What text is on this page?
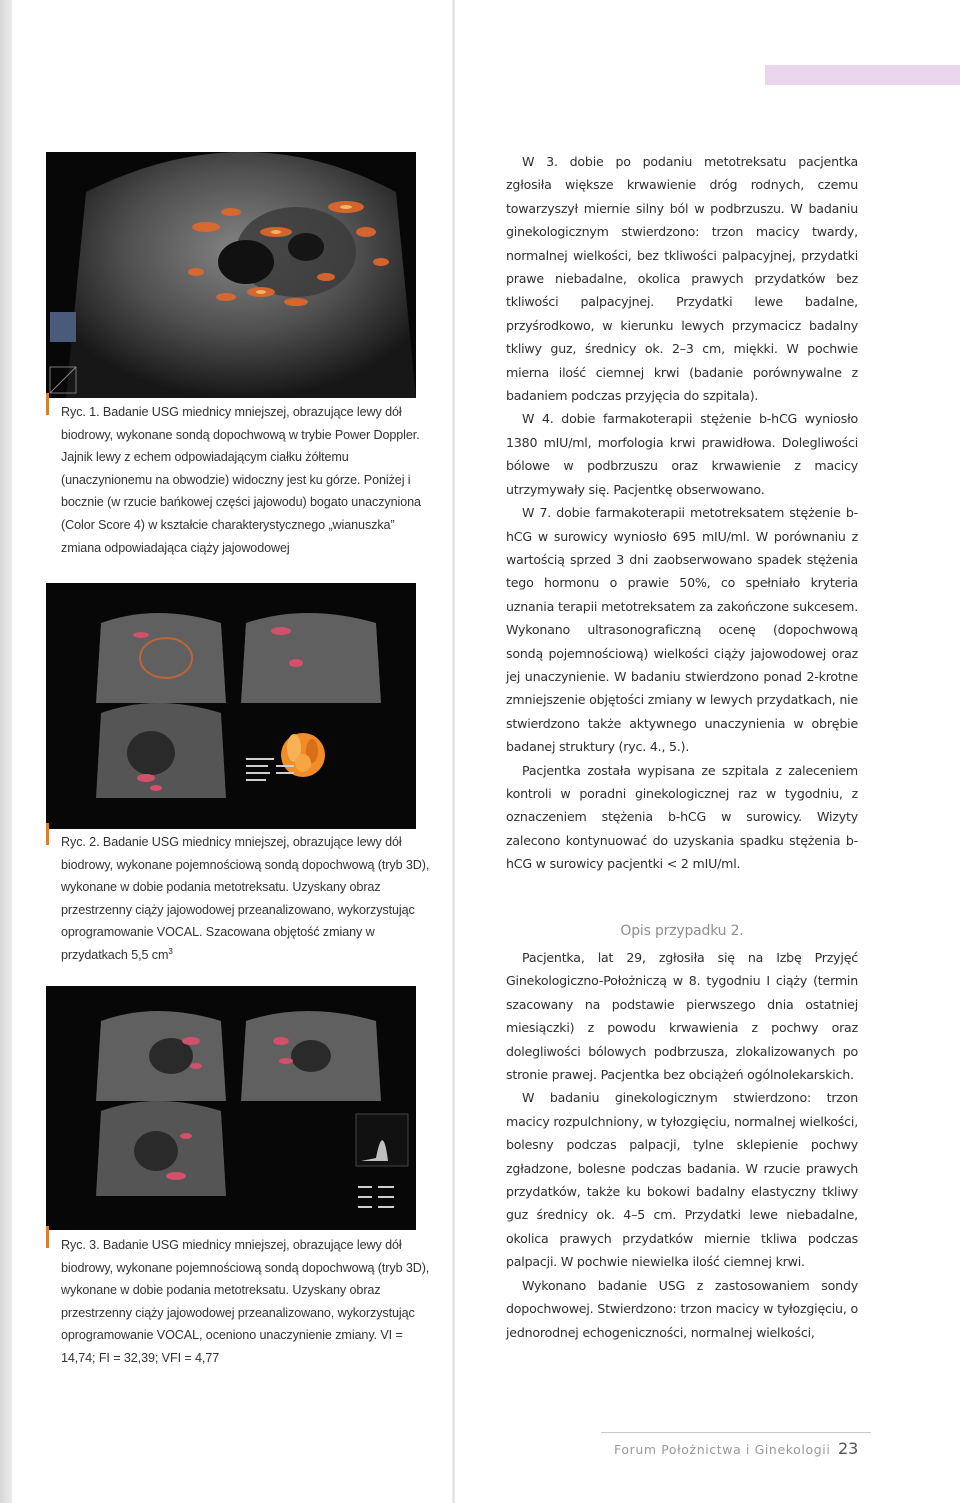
Ryc. 1. Badanie USG miednicy mniejszej, obrazujące lewy dół biodrowy, wykonane sondą dopochwową w trybie Power Doppler. Jajnik lewy z echem odpowiadającym ciałku żółtemu (unaczynionemu na obwodzie) widoczny jest ku górze. Poniżej i bocznie (w rzucie bańkowej części jajowodu) bogato unaczyniona (Color Score 4) w kształcie charakterystycznego „wianuszka” zmiana odpowiadająca ciąży jajowodowej
Ryc. 2. Badanie USG miednicy mniejszej, obrazujące lewy dół biodrowy, wykonane pojemnościową sondą dopochwową (tryb 3D), wykonane w dobie podania metotreksatu. Uzyskany obraz przestrzenny ciąży jajowodowej przeanalizowano, wykorzystując oprogramowanie VOCAL. Szacowana objętość zmiany w przydatkach 5,5 $cm^3$
Ryc. 3. Badanie USG miednicy mniejszej, obrazujące lewy dół biodrowy, wykonane pojemnościową sondą dopochwową (tryb 3D), wykonane w dobie podania metotreksatu. Uzyskany obraz przestrzenny ciąży jajowodowej przeanalizowano, wykorzystując oprogramowanie VOCAL, oceniono unaczynienie zmiany. VI = 14,74; FI = 32,39; VFI = 4,77

W 3. dobie po podaniu metotreksatu pacjentka zgłosiła większe krwawienie dróg rodnych, czemu towarzyszył miernie silny ból w podbrzuszu. W badaniu ginekologicznym stwierdzono: trzon macicy twardy, normalnej wielkości, bez tkliwości palpacyjnej, przydatki prawe niebadalne, okolica prawych przydatków bez tkliwości palpacyjnej. Przydatki lewe badalne, przyśrodkowo, w kierunku lewych przymacicz badalny tkliwy guz, średnicy ok. 2–3 cm, miękki. W pochwie mierna ilość ciemnej krwi (badanie porównywalne z badaniem podczas przyjęcia do szpitala).

W 4. dobie farmakoterapii stężenie b-hCG wyniosło 1380 mIU/ml, morfologia krwi prawidłowa. Dolegliwości bólowe w podbrzuszu oraz krwawienie z macicy utrzymywały się. Pacjentkę obserwowano.

W 7. dobie farmakoterapii metotreksatem stężenie b-hCG w surowicy wyniosło 695 mIU/ml. W porównaniu z wartością sprzed 3 dni zaobserwowano spadek stężenia tego hormonu o prawie 50%, co spełniało kryteria uznania terapii metotreksatem za zakończone sukcesem. Wykonano ultrasonograficzną ocenę (dopochwową sondą pojemnościową) wielkości ciąży jajowodowej oraz jej unaczynienie. W badaniu stwierdzono ponad 2-krotne zmniejszenie objętości zmiany w lewych przydatkach, nie stwierdzono także aktywnego unaczynienia w obrębie badanej struktury (ryc. 4., 5.).

Pacjentka została wypisana ze szpitala z zaleceniem kontroli w poradni ginekologicznej raz w tygodniu, z oznaczeniem stężenia b-hCG w surowicy. Wizyty zalecono kontynuować do uzyskania spadku stężenia b-hCG w surowicy pacjentki < 2 mIU/ml.

Opis przypadku 2.

Pacjentka, lat 29, zgłosiła się na Izbę Przyjęć Ginekologiczno-Położniczą w 8. tygodniu I ciąży (termin szacowany na podstawie pierwszego dnia ostatniej miesiączki) z powodu krwawienia z pochwy oraz dolegliwości bólowych podbrzusza, zlokalizowanych po stronie prawej. Pacjentka bez obciążeń ogólnolekarskich.

W badaniu ginekologicznym stwierdzono: trzon macicy rozpulchniony, w tyłozgięciu, normalnej wielkości, bolesny podczas palpacji, tylne sklepienie pochwy zgładzone, bolesne podczas badania. W rzucie prawych przydatków, także ku bokowi badalny elastyczny tkliwy guz średnicy ok. 4–5 cm. Przydatki lewe niebadalne, okolica prawych przydatków miernie tkliwa podczas palpacji. W pochwie niewielka ilość ciemnej krwi.

Wykonano badanie USG z zastosowaniem sondy dopochwowej. Stwierdzono: trzon macicy w tyłozgięciu, o jednorodnej echogeniczności, normalnej wielkości,

Forum Położnictwa i Ginekologii 23
